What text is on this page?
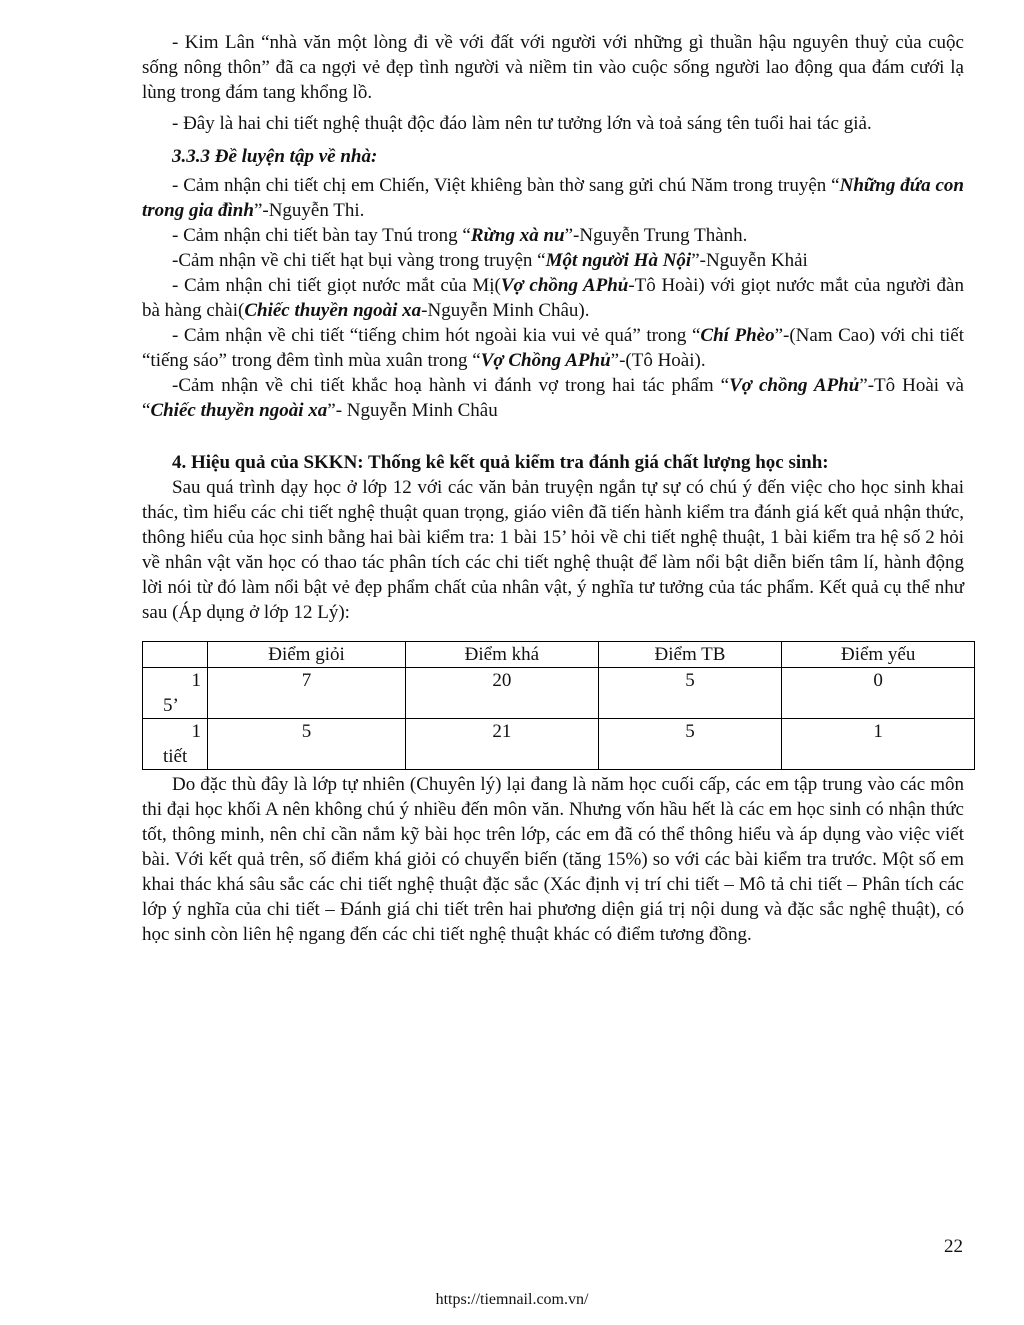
- Kim Lân “nhà văn một lòng đi về với đất với người với những gì thuần hậu nguyên thuỷ của cuộc sống nông thôn” đã ca ngợi vẻ đẹp tình người và niềm tin vào cuộc sống người lao động qua đám cưới lạ lùng trong đám tang khổng lồ.

- Đây là hai chi tiết nghệ thuật độc đáo làm nên tư tưởng lớn và toả sáng tên tuổi hai tác giả.

3.3.3 Đề luyện tập về nhà:

- Cảm nhận chi tiết chị em Chiến, Việt khiêng bàn thờ sang gửi chú Năm trong truyện “Những đứa con trong gia đình”-Nguyễn Thi.

- Cảm nhận chi tiết bàn tay Tnú trong “Rừng xà nu”-Nguyễn Trung Thành.

-Cảm nhận về chi tiết hạt bụi vàng trong truyện “Một người Hà Nội”-Nguyễn Khải

- Cảm nhận chi tiết giọt nước mắt của Mị(Vợ chồng APhủ-Tô Hoài) với giọt nước mắt của người đàn bà hàng chài(Chiếc thuyền ngoài xa-Nguyễn Minh Châu).

- Cảm nhận về chi tiết “tiếng chim hót ngoài kia vui vẻ quá” trong “Chí Phèo”-(Nam Cao) với chi tiết “tiếng sáo” trong đêm tình mùa xuân trong “Vợ Chồng APhủ”-(Tô Hoài).

-Cảm nhận về chi tiết khắc hoạ hành vi đánh vợ trong hai tác phẩm “Vợ chồng APhủ”-Tô Hoài và “Chiếc thuyền ngoài xa”- Nguyễn Minh Châu

4. Hiệu quả của SKKN: Thống kê kết quả kiểm tra đánh giá chất lượng học sinh:

Sau quá trình dạy học ở lớp 12 với các văn bản truyện ngắn tự sự có chú ý đến việc cho học sinh khai thác, tìm hiểu các chi tiết nghệ thuật quan trọng, giáo viên đã tiến hành kiểm tra đánh giá kết quả nhận thức, thông hiểu của học sinh bằng hai bài kiểm tra: 1 bài 15’ hỏi về chi tiết nghệ thuật, 1 bài kiểm tra hệ số 2 hỏi về nhân vật văn học có thao tác phân tích các chi tiết nghệ thuật để làm nổi bật diễn biến tâm lí, hành động lời nói từ đó làm nổi bật vẻ đẹp phẩm chất của nhân vật, ý nghĩa tư tưởng của tác phẩm. Kết quả cụ thể như sau (Áp dụng ở lớp 12 Lý):

	Điểm giỏi	Điểm khá	Điểm TB	Điểm yếu

1
5’	7	20	5	0

1
tiết	5	21	5	1

Do đặc thù đây là lớp tự nhiên (Chuyên lý) lại đang là năm học cuối cấp, các em tập trung vào các môn thi đại học khối A nên không chú ý nhiều đến môn văn. Nhưng vốn hầu hết là các em học sinh có nhận thức tốt, thông minh, nên chỉ cần nắm kỹ bài học trên lớp, các em đã có thể thông hiểu và áp dụng vào việc viết bài. Với kết quả trên, số điểm khá giỏi có chuyển biến (tăng 15%) so với các bài kiểm tra trước. Một số em khai thác khá sâu sắc các chi tiết nghệ thuật đặc sắc (Xác định vị trí chi tiết – Mô tả chi tiết – Phân tích các lớp ý nghĩa của chi tiết – Đánh giá chi tiết trên hai phương diện giá trị nội dung và đặc sắc nghệ thuật), có học sinh còn liên hệ ngang đến các chi tiết nghệ thuật khác có điểm tương đồng.

22
https://tiemnail.com.vn/
